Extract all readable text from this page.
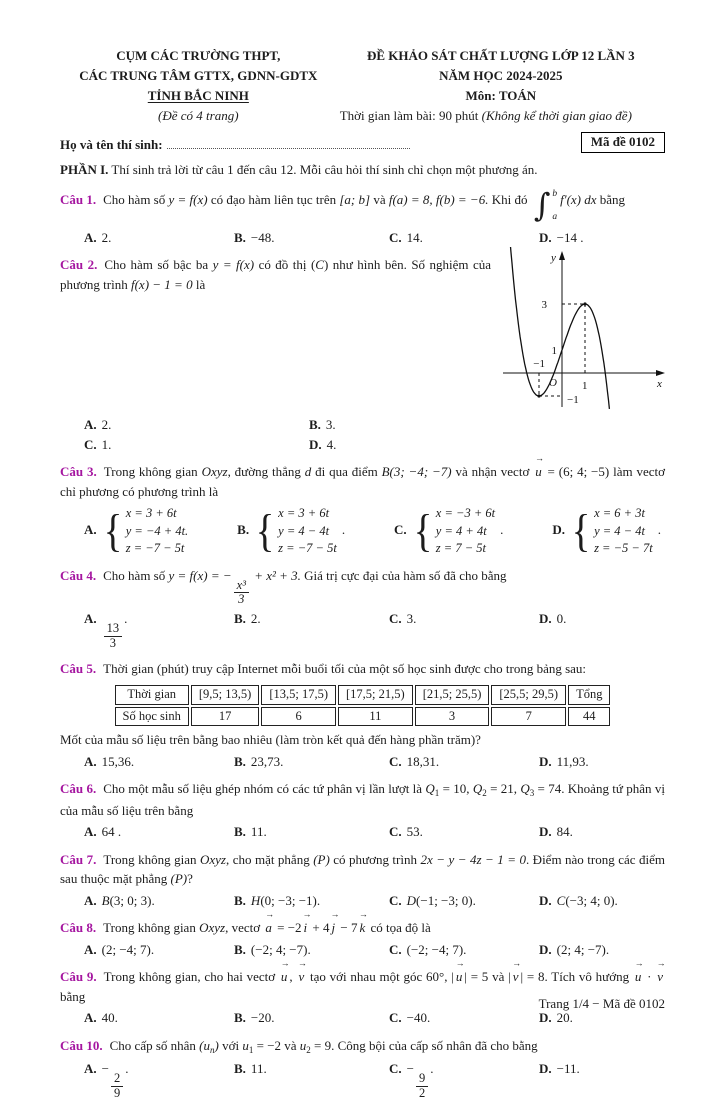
CỤM CÁC TRƯỜNG THPT,
CÁC TRUNG TÂM GTTX, GDNN-GDTX
TỈNH BẮC NINH
(Đề có 4 trang)
ĐỀ KHẢO SÁT CHẤT LƯỢNG LỚP 12 LẦN 3
NĂM HỌC 2024-2025
Môn: TOÁN
Thời gian làm bài: 90 phút (Không kể thời gian giao đề)
Họ và tên thí sinh:	Mã đề 0102
PHẦN I. Thí sinh trả lời từ câu 1 đến câu 12. Mỗi câu hỏi thí sinh chỉ chọn một phương án.
Câu 1. Cho hàm số y = f(x) có đạo hàm liên tục trên [a; b] và f(a) = 8, f(b) = −6. Khi đó ∫ b
a
f′(x) dx bằng
A. 2.	B. −48.	C. 14.	D. −14 .
y
x
O
3
1
−1
1
−1
Câu 2. Cho hàm số bậc ba y = f(x) có đồ thị (C) như hình bên. Số nghiệm của phương trình f(x) − 1 = 0 là
A. 2.	B. 3.
C. 1.	D. 4.
Câu 3. Trong không gian Oxyz, đường thẳng d đi qua điểm B(3; −4; −7) và nhận vectơ
→
u = (6; 4; −5) làm vectơ chỉ phương có phương trình là
A. { x = 3 + 6t
y = −4 + 4t.
z = −7 − 5t
B. { x = 3 + 6t
y = 4 − 4t
z = −7 − 5t
.	C. { x = −3 + 6t
y = 4 + 4t
z = 7 − 5t
.	D. { x = 6 + 3t
y = 4 − 4t
z = −5 − 7t
.
Câu 4. Cho hàm số y = f(x) = −
$\frac{\text{x³}}{3}$
+ x² + 3. Giá trị cực đại của hàm số đã cho bằng
A.
$\frac{13}{3}$
.	B. 2.	C. 3.	D. 0.
Câu 5. Thời gian (phút) truy cập Internet mỗi buổi tối của một số học sinh được cho trong bảng sau:
Thời gian	[9,5; 13,5)	[13,5; 17,5)	[17,5; 21,5)	[21,5; 25,5)	[25,5; 29,5)	Tổng
Số học sinh	17	6	11	3	7	44
Mốt của mẫu số liệu trên bằng bao nhiêu (làm tròn kết quả đến hàng phần trăm)?
A. 15,36.	B. 23,73.	C. 18,31.	D. 11,93.
Câu 6. Cho một mẫu số liệu ghép nhóm có các tứ phân vị lần lượt là $Q_1 = 10$, $Q_2 = 21$, $Q_3 = 74$. Khoảng tứ phân vị của mẫu số liệu trên bằng
A. 64 .	B. 11.	C. 53.	D. 84.
Câu 7. Trong không gian Oxyz, cho mặt phẳng (P) có phương trình 2x − y − 4z − 1 = 0. Điểm nào trong các điểm sau thuộc mặt phẳng (P)?
A. B(3; 0; 3).	B. H(0; −3; −1).	C. D(−1; −3; 0).	D. C(−3; 4; 0).
Câu 8. Trong không gian Oxyz, vectơ
→
a = −2
→
i + 4
→
j − 7
→
k có tọa độ là
A. (2; −4; 7).	B. (−2; 4; −7).	C. (−2; −4; 7).	D. (2; 4; −7).
Câu 9. Trong không gian, cho hai vectơ
→
u ,
→
v tạo với nhau một góc 60°, |
→
u | = 5 và |
→
v | = 8. Tích vô hướng
→
u ·
→
v bằng
A. 40.	B. −20.	C. −40.	D. 20.
Câu 10. Cho cấp số nhân $(u_n)$ với $u_1 = -2$ và $u_2 = 9$. Công bội của cấp số nhân đã cho bằng
A. −
$\frac{2}{9}$
.	B. 11.	C. −
$\frac{9}{2}$
.	D. −11.
Trang 1/4 − Mã đề 0102
